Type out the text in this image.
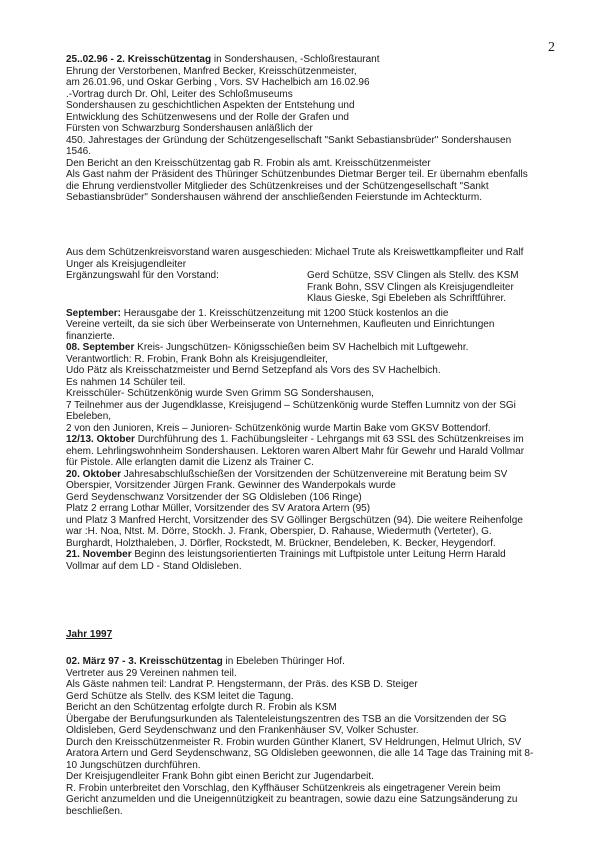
2
25..02.96 - 2. Kreisschützentag in Sondershausen, -Schloßrestaurant
Ehrung der Verstorbenen, Manfred Becker, Kreisschützenmeister,
am 26.01.96, und Oskar Gerbing , Vors. SV Hachelbich am 16.02.96
.-Vortrag durch Dr. Ohl, Leiter des Schloßmuseums
Sondershausen zu geschichtlichen Aspekten der Entstehung und
Entwicklung des Schützenwesens und der Rolle der Grafen und
Fürsten von Schwarzburg Sondershausen anläßlich der
450. Jahrestages der Gründung der Schützengesellschaft "Sankt Sebastiansbrüder" Sondershausen
1546.
Den Bericht an den Kreisschützentag gab R. Frobin als amt. Kreisschützenmeister
Als Gast nahm der Präsident des Thüringer Schützenbundes Dietmar Berger teil. Er übernahm ebenfalls
die Ehrung verdienstvoller Mitglieder des Schützenkreises und der Schützengesellschaft "Sankt
Sebastiansbrüder" Sondershausen während der anschließenden Feierstunde im Achteckturm.
Aus dem Schützenkreisvorstand waren ausgeschieden: Michael Trute als Kreiswettkampfleiter und Ralf
Unger als Kreisjugendleiter
Ergänzungswahl für den Vorstand:	Gerd Schütze, SSV Clingen als Stellv. des KSM
Frank Bohn, SSV Clingen als Kreisjugendleiter
Klaus Gieske, Sgi Ebeleben als Schriftführer.
September: Herausgabe der 1. Kreisschützenzeitung mit 1200 Stück kostenlos an die
Vereine verteilt, da sie sich über Werbeinserate von Unternehmen, Kaufleuten und Einrichtungen
finanzierte.
08. September Kreis- Jungschützen- Königsschießen beim SV Hachelbich mit Luftgewehr.
Verantwortlich: R. Frobin, Frank Bohn als Kreisjugendleiter,
Udo Pätz als Kreisschatzmeister und Bernd Setzepfand als Vors des SV Hachelbich.
Es nahmen 14 Schüler teil.
Kreisschüler- Schützenkönig wurde Sven Grimm SG Sondershausen,
7 Teilnehmer aus der Jugendklasse, Kreisjugend – Schützenkönig wurde Steffen Lumnitz von der SGi
Ebeleben,
2 von den Junioren, Kreis – Junioren- Schützenkönig wurde Martin Bake vom GKSV Bottendorf.
12/13. Oktober Durchführung des 1. Fachübungsleiter - Lehrgangs mit 63 SSL des Schützenkreises im
ehem. Lehrlingswohnheim Sondershausen. Lektoren waren Albert Mahr für Gewehr und Harald Vollmar
für Pistole. Alle erlangten damit die Lizenz als Trainer C.
20. Oktober Jahresabschlußschießen der Vorsitzenden der Schützenvereine mit Beratung beim SV
Oberspier, Vorsitzender Jürgen Frank. Gewinner des Wanderpokals wurde
Gerd Seydenschwanz Vorsitzender der SG Oldisleben (106 Ringe)
Platz 2 errang Lothar Müller, Vorsitzender des SV Aratora Artern (95)
und Platz 3 Manfred Hercht, Vorsitzender des SV Göllinger Bergschützen (94). Die weitere Reihenfolge
war :H. Noa, Ntst. M. Dörre, Stockh. J. Frank, Oberspier, D. Rahause, Wiedermuth (Verteter), G.
Burghardt, Holzthaleben, J. Dörfler, Rockstedt, M. Brückner, Bendeleben, K. Becker, Heygendorf.
21. November Beginn des leistungsorientierten Trainings mit Luftpistole unter Leitung Herrn Harald
Vollmar auf dem LD - Stand Oldisleben.
Jahr 1997
02. März 97 - 3. Kreisschützentag in Ebeleben Thüringer Hof.
Vertreter aus 29 Vereinen nahmen teil.
Als Gäste nahmen teil: Landrat P. Hengstermann, der Präs. des KSB D. Steiger
Gerd Schütze als Stellv. des KSM leitet die Tagung.
Bericht an den Schützentag erfolgte durch R. Frobin als KSM
Übergabe der Berufungsurkunden als Talenteleistungszentren des TSB an die Vorsitzenden der SG
Oldisleben, Gerd Seydenschwanz und den Frankenhäuser SV, Volker Schuster.
Durch den Kreisschützenmeister R. Frobin wurden Günther Klanert, SV Heldrungen, Helmut Ulrich, SV
Aratora Artern und Gerd Seydenschwanz, SG Oldisleben geewonnen, die alle 14 Tage das Training mit 8-
10 Jungschützen durchführen.
Der Kreisjugendleiter Frank Bohn gibt einen Bericht zur Jugendarbeit.
R. Frobin unterbreitet den Vorschlag, den Kyffhäuser Schützenkreis als eingetragener Verein beim
Gericht anzumelden und die Uneigennützigkeit zu beantragen, sowie dazu eine Satzungsänderung zu
beschließen.
